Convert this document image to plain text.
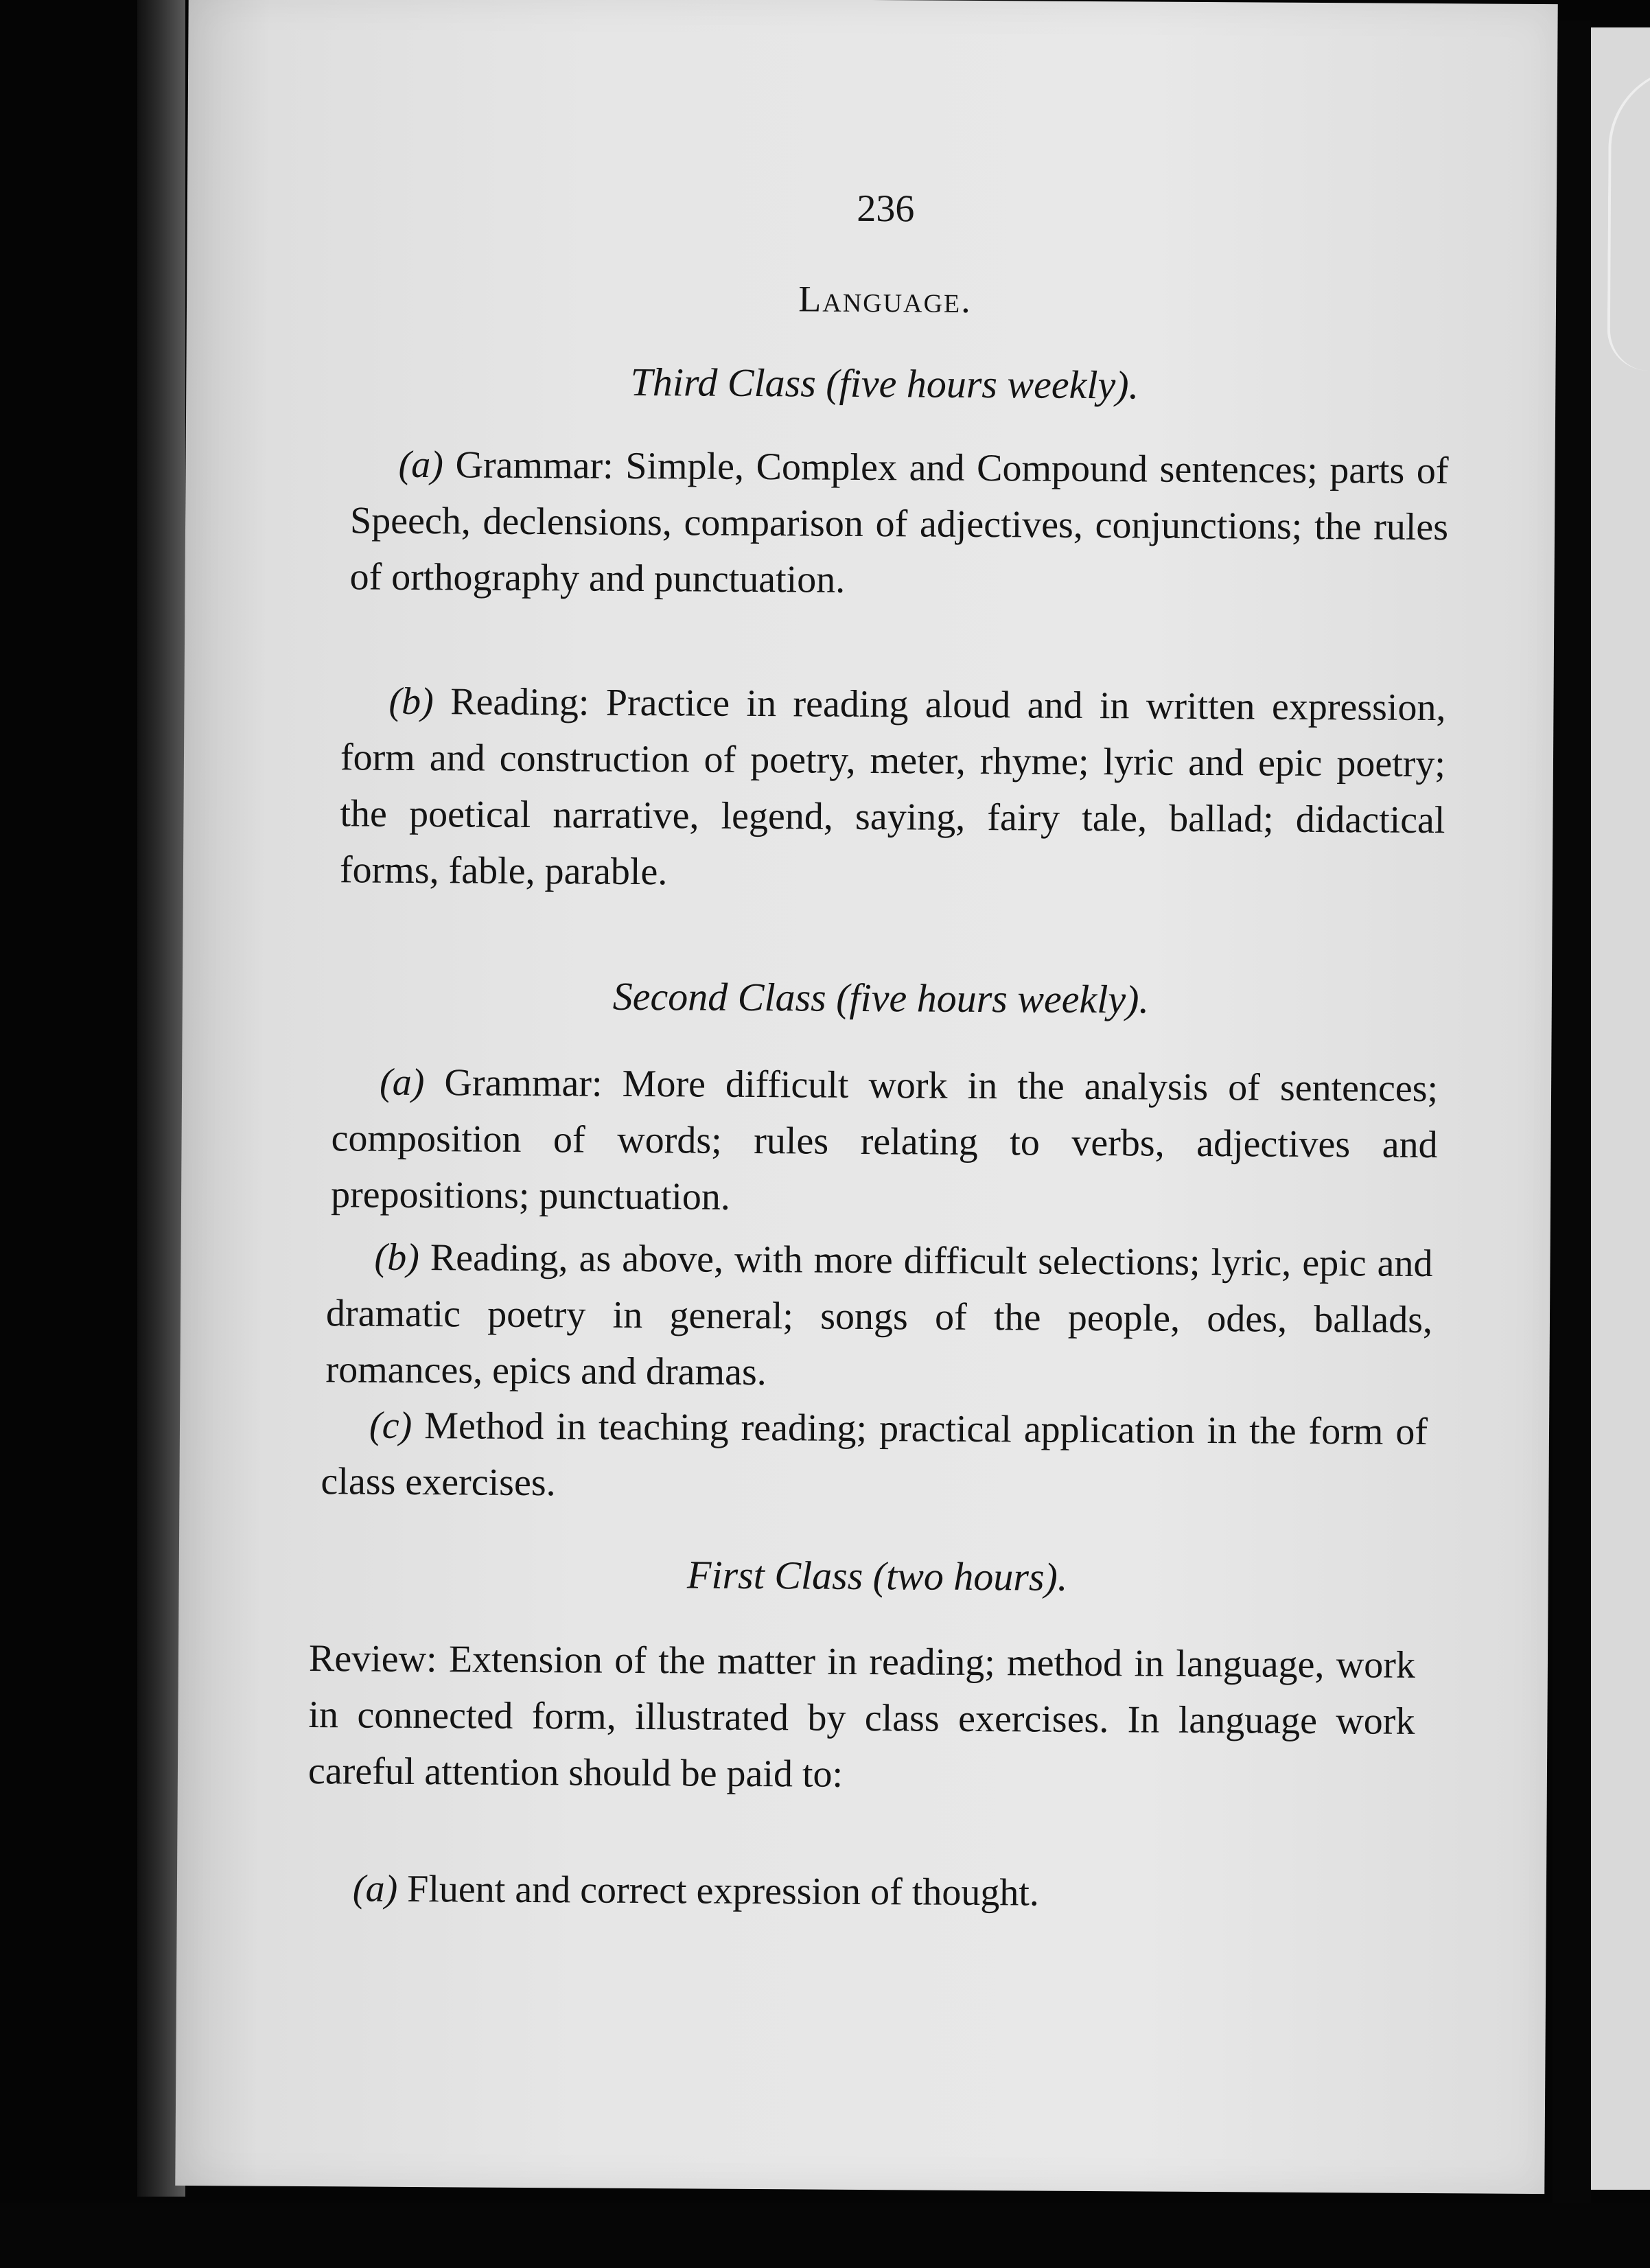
236
Language.
Third Class (five hours weekly).
(a) Grammar: Simple, Complex and Compound sentences; parts of Speech, declensions, comparison of adjectives, conjunctions; the rules of orthography and punctuation.
(b) Reading: Practice in reading aloud and in written expression, form and construction of poetry, meter, rhyme; lyric and epic poetry; the poetical narrative, legend, saying, fairy tale, ballad; didactical forms, fable, parable.
Second Class (five hours weekly).
(a) Grammar: More difficult work in the analysis of sentences; composition of words; rules relating to verbs, adjectives and prepositions; punctuation.
(b) Reading, as above, with more difficult selections; lyric, epic and dramatic poetry in general; songs of the people, odes, ballads, romances, epics and dramas.
(c) Method in teaching reading; practical application in the form of class exercises.
First Class (two hours).
Review: Extension of the matter in reading; method in language, work in connected form, illustrated by class exercises. In language work careful attention should be paid to:
(a) Fluent and correct expression of thought.
